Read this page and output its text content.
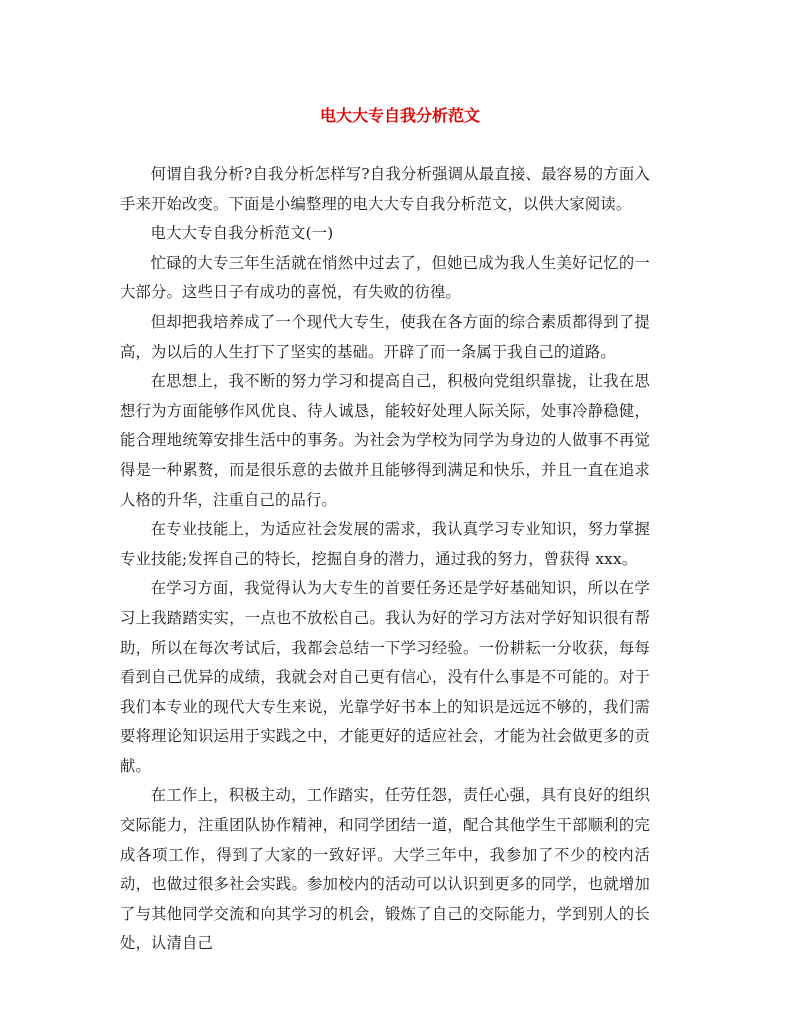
电大大专自我分析范文

何谓自我分析?自我分析怎样写?自我分析强调从最直接、最容易的方面入手来开始改变。下面是小编整理的电大大专自我分析范文，以供大家阅读。

电大大专自我分析范文(一)

忙碌的大专三年生活就在悄然中过去了，但她已成为我人生美好记忆的一大部分。这些日子有成功的喜悦，有失败的彷徨。

但却把我培养成了一个现代大专生，使我在各方面的综合素质都得到了提高，为以后的人生打下了坚实的基础。开辟了而一条属于我自己的道路。

在思想上，我不断的努力学习和提高自己，积极向党组织靠拢，让我在思想行为方面能够作风优良、待人诚恳，能较好处理人际关际，处事冷静稳健，能合理地统筹安排生活中的事务。为社会为学校为同学为身边的人做事不再觉得是一种累赘，而是很乐意的去做并且能够得到满足和快乐，并且一直在追求人格的升华，注重自己的品行。

在专业技能上，为适应社会发展的需求，我认真学习专业知识，努力掌握专业技能;发挥自己的特长，挖掘自身的潜力，通过我的努力，曾获得 xxx。

在学习方面，我觉得认为大专生的首要任务还是学好基础知识，所以在学习上我踏踏实实，一点也不放松自己。我认为好的学习方法对学好知识很有帮助，所以在每次考试后，我都会总结一下学习经验。一份耕耘一分收获，每每看到自己优异的成绩，我就会对自己更有信心，没有什么事是不可能的。对于我们本专业的现代大专生来说，光靠学好书本上的知识是远远不够的，我们需要将理论知识运用于实践之中，才能更好的适应社会，才能为社会做更多的贡献。

在工作上，积极主动，工作踏实，任劳任怨，责任心强，具有良好的组织交际能力，注重团队协作精神，和同学团结一道，配合其他学生干部顺利的完成各项工作，得到了大家的一致好评。大学三年中，我参加了不少的校内活动，也做过很多社会实践。参加校内的活动可以认识到更多的同学，也就增加了与其他同学交流和向其学习的机会，锻炼了自己的交际能力，学到别人的长处，认清自己
